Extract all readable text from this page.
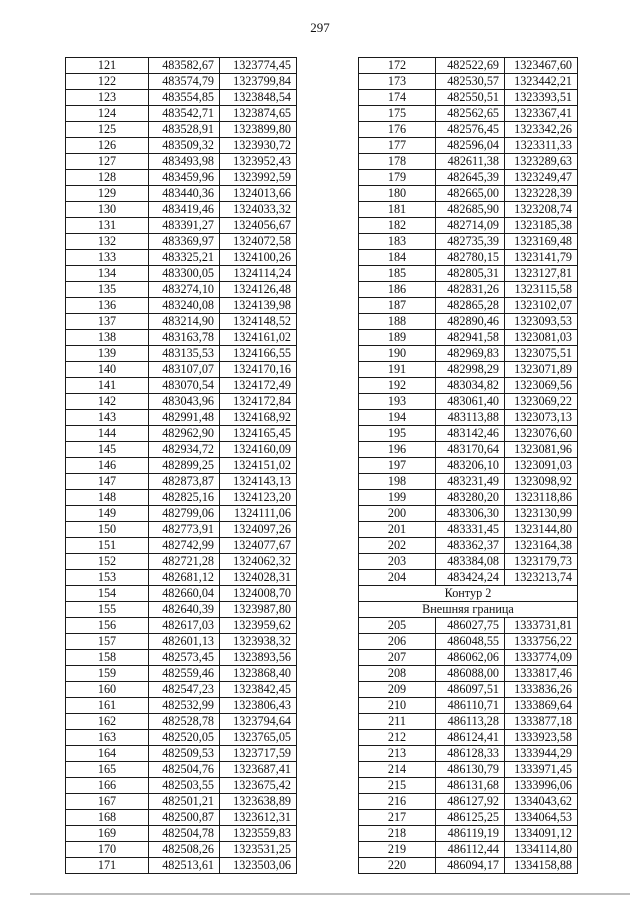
297
121	483582,67	1323774,45
122	483574,79	1323799,84
123	483554,85	1323848,54
124	483542,71	1323874,65
125	483528,91	1323899,80
126	483509,32	1323930,72
127	483493,98	1323952,43
128	483459,96	1323992,59
129	483440,36	1324013,66
130	483419,46	1324033,32
131	483391,27	1324056,67
132	483369,97	1324072,58
133	483325,21	1324100,26
134	483300,05	1324114,24
135	483274,10	1324126,48
136	483240,08	1324139,98
137	483214,90	1324148,52
138	483163,78	1324161,02
139	483135,53	1324166,55
140	483107,07	1324170,16
141	483070,54	1324172,49
142	483043,96	1324172,84
143	482991,48	1324168,92
144	482962,90	1324165,45
145	482934,72	1324160,09
146	482899,25	1324151,02
147	482873,87	1324143,13
148	482825,16	1324123,20
149	482799,06	1324111,06
150	482773,91	1324097,26
151	482742,99	1324077,67
152	482721,28	1324062,32
153	482681,12	1324028,31
154	482660,04	1324008,70
155	482640,39	1323987,80
156	482617,03	1323959,62
157	482601,13	1323938,32
158	482573,45	1323893,56
159	482559,46	1323868,40
160	482547,23	1323842,45
161	482532,99	1323806,43
162	482528,78	1323794,64
163	482520,05	1323765,05
164	482509,53	1323717,59
165	482504,76	1323687,41
166	482503,55	1323675,42
167	482501,21	1323638,89
168	482500,87	1323612,31
169	482504,78	1323559,83
170	482508,26	1323531,25
171	482513,61	1323503,06
172	482522,69	1323467,60
173	482530,57	1323442,21
174	482550,51	1323393,51
175	482562,65	1323367,41
176	482576,45	1323342,26
177	482596,04	1323311,33
178	482611,38	1323289,63
179	482645,39	1323249,47
180	482665,00	1323228,39
181	482685,90	1323208,74
182	482714,09	1323185,38
183	482735,39	1323169,48
184	482780,15	1323141,79
185	482805,31	1323127,81
186	482831,26	1323115,58
187	482865,28	1323102,07
188	482890,46	1323093,53
189	482941,58	1323081,03
190	482969,83	1323075,51
191	482998,29	1323071,89
192	483034,82	1323069,56
193	483061,40	1323069,22
194	483113,88	1323073,13
195	483142,46	1323076,60
196	483170,64	1323081,96
197	483206,10	1323091,03
198	483231,49	1323098,92
199	483280,20	1323118,86
200	483306,30	1323130,99
201	483331,45	1323144,80
202	483362,37	1323164,38
203	483384,08	1323179,73
204	483424,24	1323213,74
Контур 2		
Внешняя граница		
205	486027,75	1333731,81
206	486048,55	1333756,22
207	486062,06	1333774,09
208	486088,00	1333817,46
209	486097,51	1333836,26
210	486110,71	1333869,64
211	486113,28	1333877,18
212	486124,41	1333923,58
213	486128,33	1333944,29
214	486130,79	1333971,45
215	486131,68	1333996,06
216	486127,92	1334043,62
217	486125,25	1334064,53
218	486119,19	1334091,12
219	486112,44	1334114,80
220	486094,17	1334158,88
